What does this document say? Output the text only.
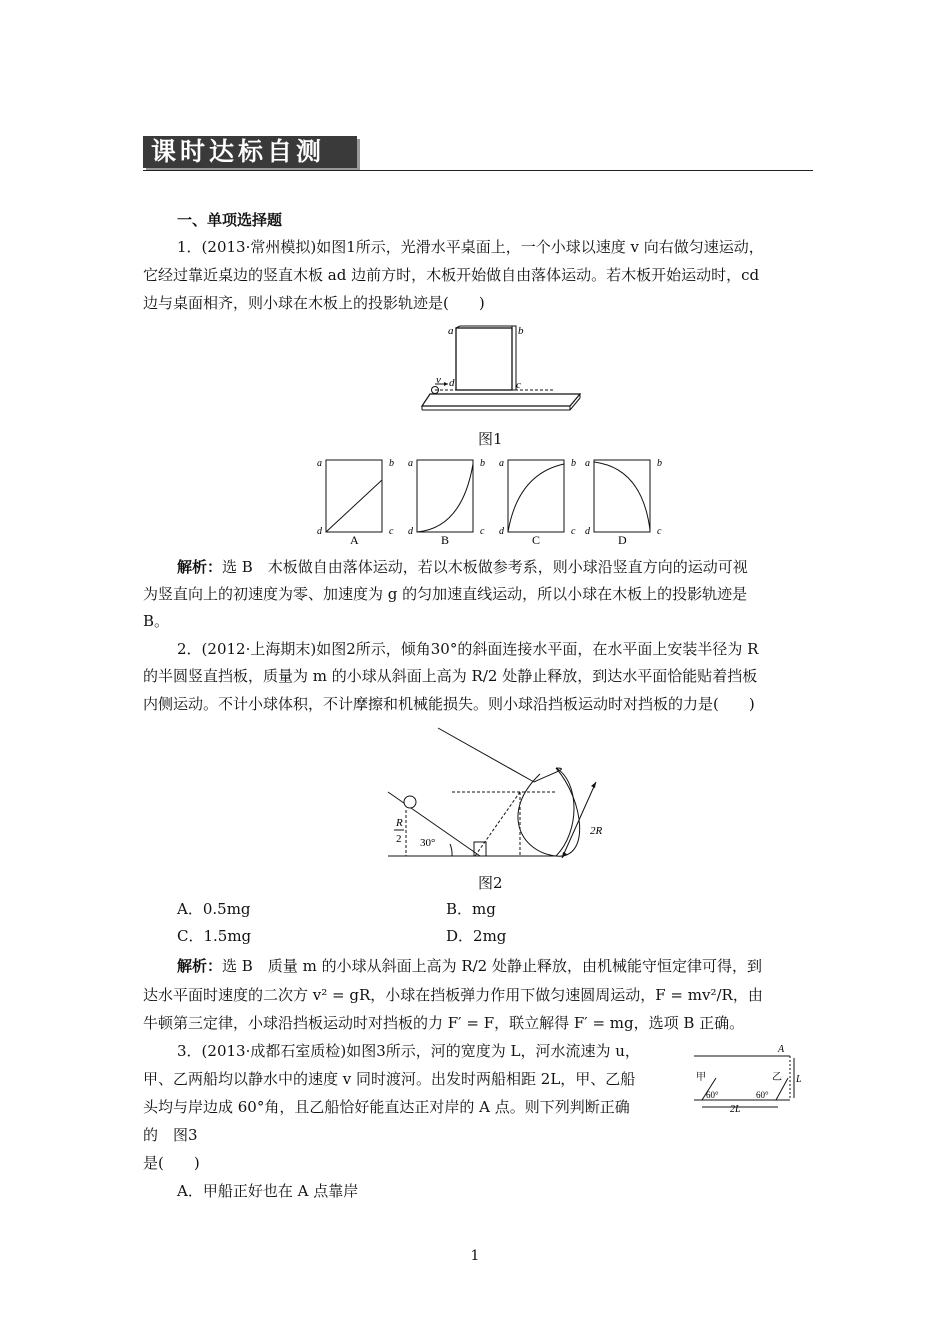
课时达标自测
一、单项选择题
1．(2013·常州模拟)如图1所示，光滑水平桌面上，一个小球以速度 v 向右做匀速运动，
它经过靠近桌边的竖直木板 ad 边前方时，木板开始做自由落体运动。若木板开始运动时，cd
边与桌面相齐，则小球在木板上的投影轨迹是(　　)
a	b
c
d
v
图1
a	b
d	c
A
a	b
d	c
B
a	b
d	c
C
a	b
d	c
D
解析：选 B　木板做自由落体运动，若以木板做参考系，则小球沿竖直方向的运动可视
为竖直向上的初速度为零、加速度为 g 的匀加速直线运动，所以小球在木板上的投影轨迹是
B。
2．(2012·上海期末)如图2所示，倾角30°的斜面连接水平面，在水平面上安装半径为 R
的半圆竖直挡板，质量为 m 的小球从斜面上高为 R/2 处静止释放，到达水平面恰能贴着挡板
内侧运动。不计小球体积，不计摩擦和机械能损失。则小球沿挡板运动时对挡板的力是(　　)
R
2 30°
2R
图2
A．0.5mg	B．mg
C．1.5mg	D．2mg
解析：选 B　质量 m 的小球从斜面上高为 R/2 处静止释放，由机械能守恒定律可得，到
达水平面时速度的二次方 v² = gR，小球在挡板弹力作用下做匀速圆周运动，F = mv²/R，由
牛顿第三定律，小球沿挡板运动时对挡板的力 F′ = F，联立解得 F′ = mg，选项 B 正确。
3．(2013·成都石室质检)如图3所示，河的宽度为 L，河水流速为 u，
甲、乙两船均以静水中的速度 v 同时渡河。出发时两船相距 2L，甲、乙船
头均与岸边成 60°角，且乙船恰好能直达正对岸的 A 点。则下列判断正确
的　图3
是(　　)
A
甲	乙 L
60°	60°
2L
A．甲船正好也在 A 点靠岸
1
